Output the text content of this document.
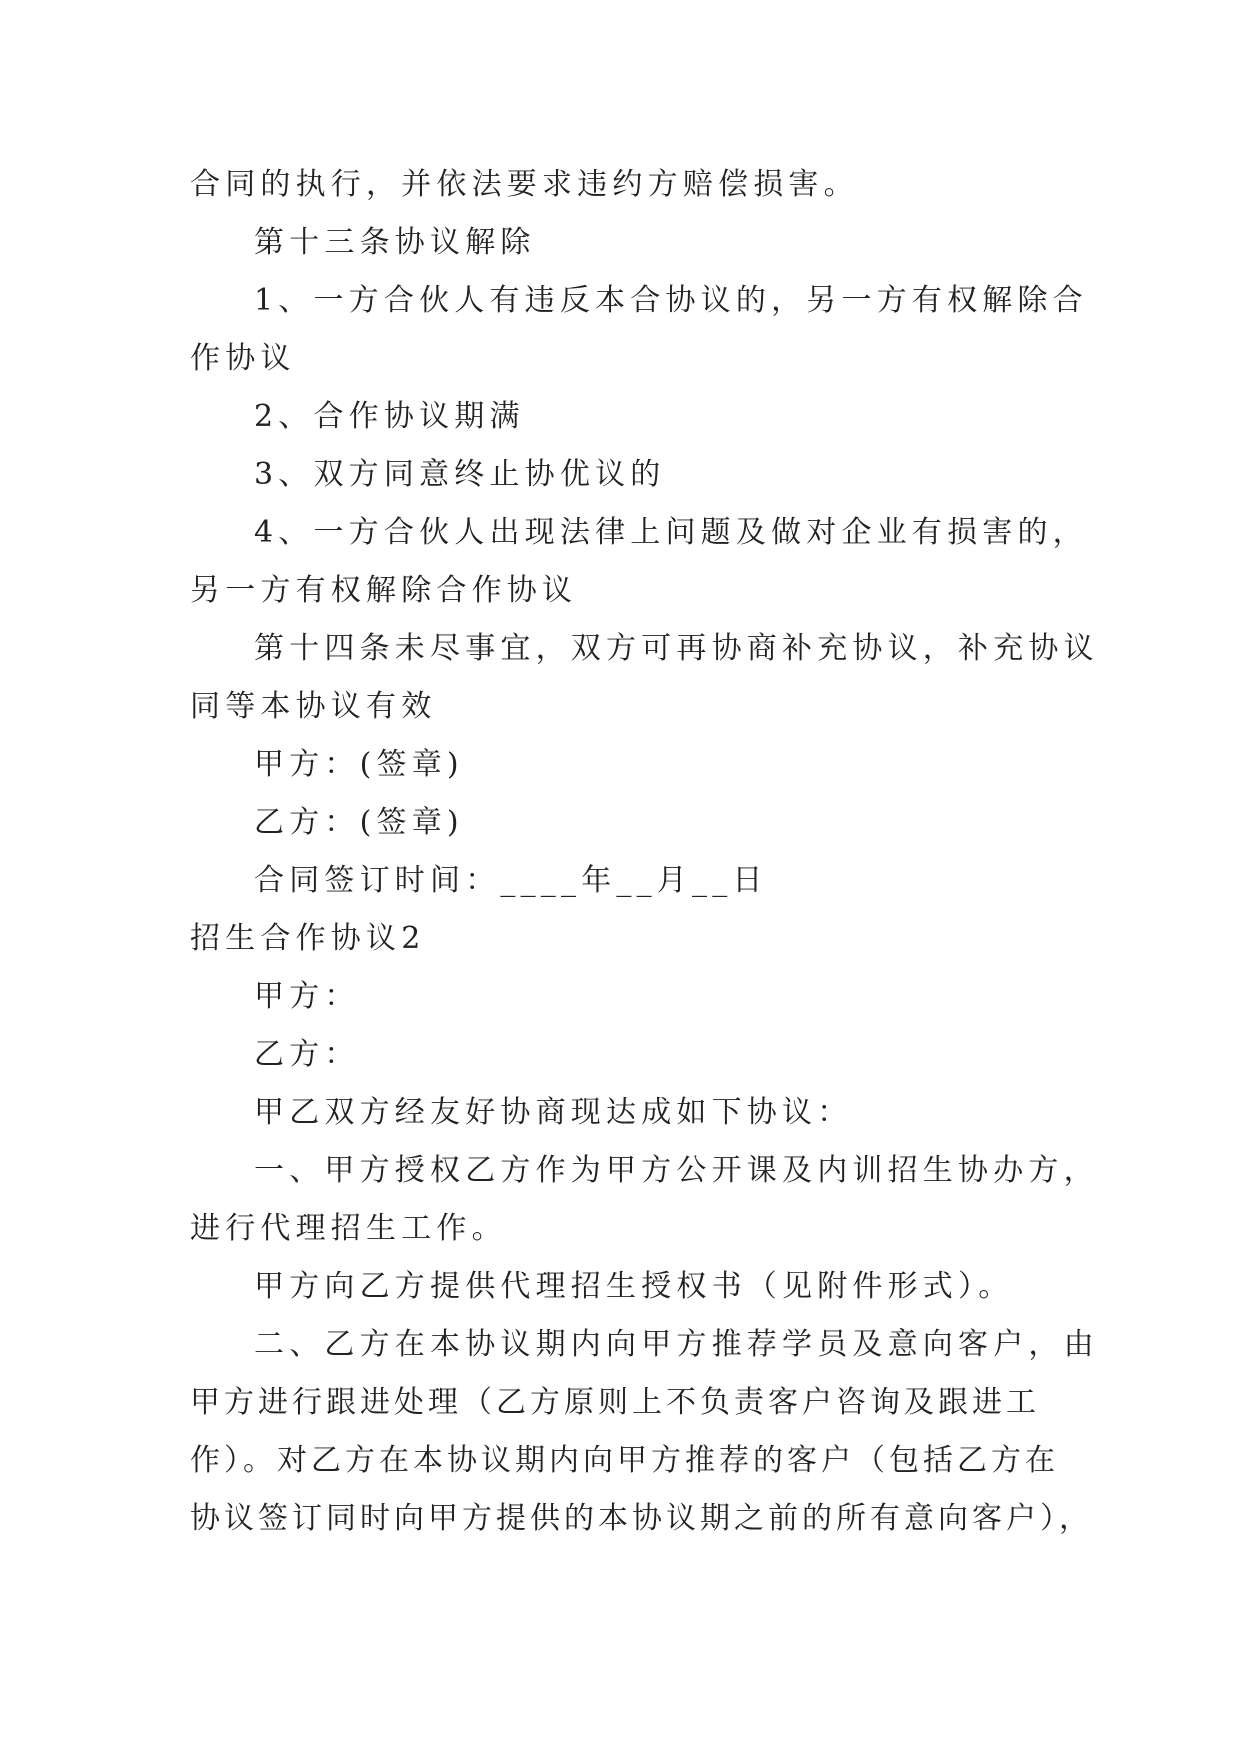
合同的执行，并依法要求违约方赔偿损害。
第十三条协议解除
1、一方合伙人有违反本合协议的，另一方有权解除合
作协议
2、合作协议期满
3、双方同意终止协优议的
4、一方合伙人出现法律上问题及做对企业有损害的，
另一方有权解除合作协议
第十四条未尽事宜，双方可再协商补充协议，补充协议
同等本协议有效
甲方：(签章)
乙方：(签章)
合同签订时间：____年__月__日
招生合作协议2
甲方：
乙方：
甲乙双方经友好协商现达成如下协议：
一、甲方授权乙方作为甲方公开课及内训招生协办方，
进行代理招生工作。
甲方向乙方提供代理招生授权书（见附件形式）。
二、乙方在本协议期内向甲方推荐学员及意向客户，由
甲方进行跟进处理（乙方原则上不负责客户咨询及跟进工
作）。对乙方在本协议期内向甲方推荐的客户（包括乙方在
协议签订同时向甲方提供的本协议期之前的所有意向客户），
